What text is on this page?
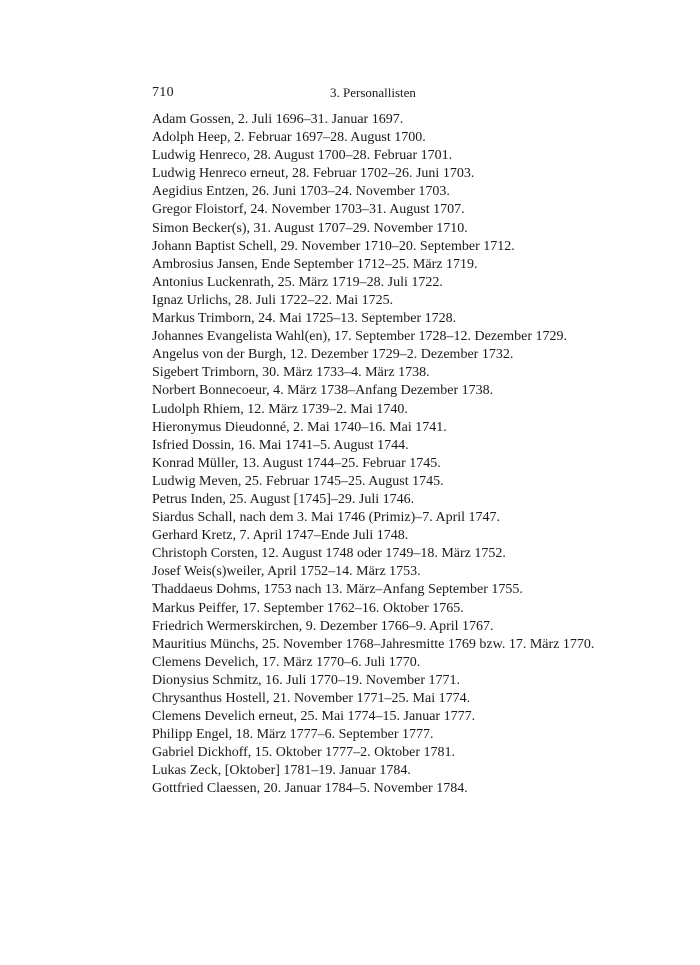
710	3. Personallisten
Adam Gossen, 2. Juli 1696–31. Januar 1697.
Adolph Heep, 2. Februar 1697–28. August 1700.
Ludwig Henreco, 28. August 1700–28. Februar 1701.
Ludwig Henreco erneut, 28. Februar 1702–26. Juni 1703.
Aegidius Entzen, 26. Juni 1703–24. November 1703.
Gregor Floistorf, 24. November 1703–31. August 1707.
Simon Becker(s), 31. August 1707–29. November 1710.
Johann Baptist Schell, 29. November 1710–20. September 1712.
Ambrosius Jansen, Ende September 1712–25. März 1719.
Antonius Luckenrath, 25. März 1719–28. Juli 1722.
Ignaz Urlichs, 28. Juli 1722–22. Mai 1725.
Markus Trimborn, 24. Mai 1725–13. September 1728.
Johannes Evangelista Wahl(en), 17. September 1728–12. Dezember 1729.
Angelus von der Burgh, 12. Dezember 1729–2. Dezember 1732.
Sigebert Trimborn, 30. März 1733–4. März 1738.
Norbert Bonnecoeur, 4. März 1738–Anfang Dezember 1738.
Ludolph Rhiem, 12. März 1739–2. Mai 1740.
Hieronymus Dieudonné, 2. Mai 1740–16. Mai 1741.
Isfried Dossin, 16. Mai 1741–5. August 1744.
Konrad Müller, 13. August 1744–25. Februar 1745.
Ludwig Meven, 25. Februar 1745–25. August 1745.
Petrus Inden, 25. August [1745]–29. Juli 1746.
Siardus Schall, nach dem 3. Mai 1746 (Primiz)–7. April 1747.
Gerhard Kretz, 7. April 1747–Ende Juli 1748.
Christoph Corsten, 12. August 1748 oder 1749–18. März 1752.
Josef Weis(s)weiler, April 1752–14. März 1753.
Thaddaeus Dohms, 1753 nach 13. März–Anfang September 1755.
Markus Peiffer, 17. September 1762–16. Oktober 1765.
Friedrich Wermerskirchen, 9. Dezember 1766–9. April 1767.
Mauritius Münchs, 25. November 1768–Jahresmitte 1769 bzw. 17. März 1770.
Clemens Develich, 17. März 1770–6. Juli 1770.
Dionysius Schmitz, 16. Juli 1770–19. November 1771.
Chrysanthus Hostell, 21. November 1771–25. Mai 1774.
Clemens Develich erneut, 25. Mai 1774–15. Januar 1777.
Philipp Engel, 18. März 1777–6. September 1777.
Gabriel Dickhoff, 15. Oktober 1777–2. Oktober 1781.
Lukas Zeck, [Oktober] 1781–19. Januar 1784.
Gottfried Claessen, 20. Januar 1784–5. November 1784.
